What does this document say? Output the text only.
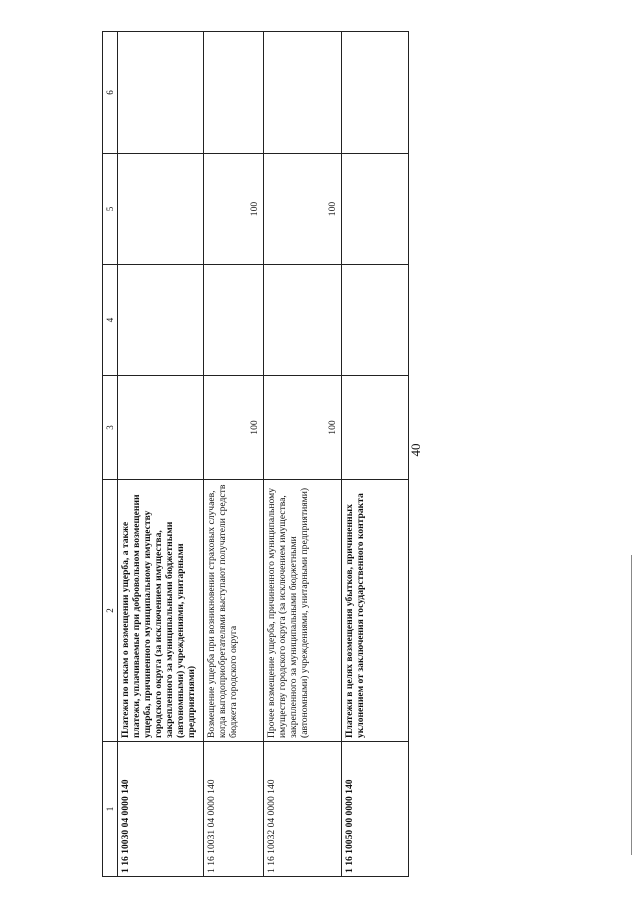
40
1	2	3	4	5	6
1 16 10030 04 0000 140	Платежи по искам о возмещении ущерба, а также платежи, уплачиваемые при добровольном возмещении ущерба, причиненного муниципальному имуществу городского округа (за исключением имущества, закрепленного за муниципальными бюджетными (автономными) учреждениями, унитарными предприятиями)				
1 16 10031 04 0000 140	Возмещение ущерба при возникновении страховых случаев, когда выгодоприобретателями выступают получатели средств бюджета городского округа	100		100	
1 16 10032 04 0000 140	Прочее возмещение ущерба, причиненного муниципальному имуществу городского округа (за исключением имущества, закрепленного за муниципальными бюджетными (автономными) учреждениями, унитарными предприятиями)	100		100	
1 16 10050 00 0000 140	Платежи в целях возмещения убытков, причиненных уклонением от заключения государственного контракта				
